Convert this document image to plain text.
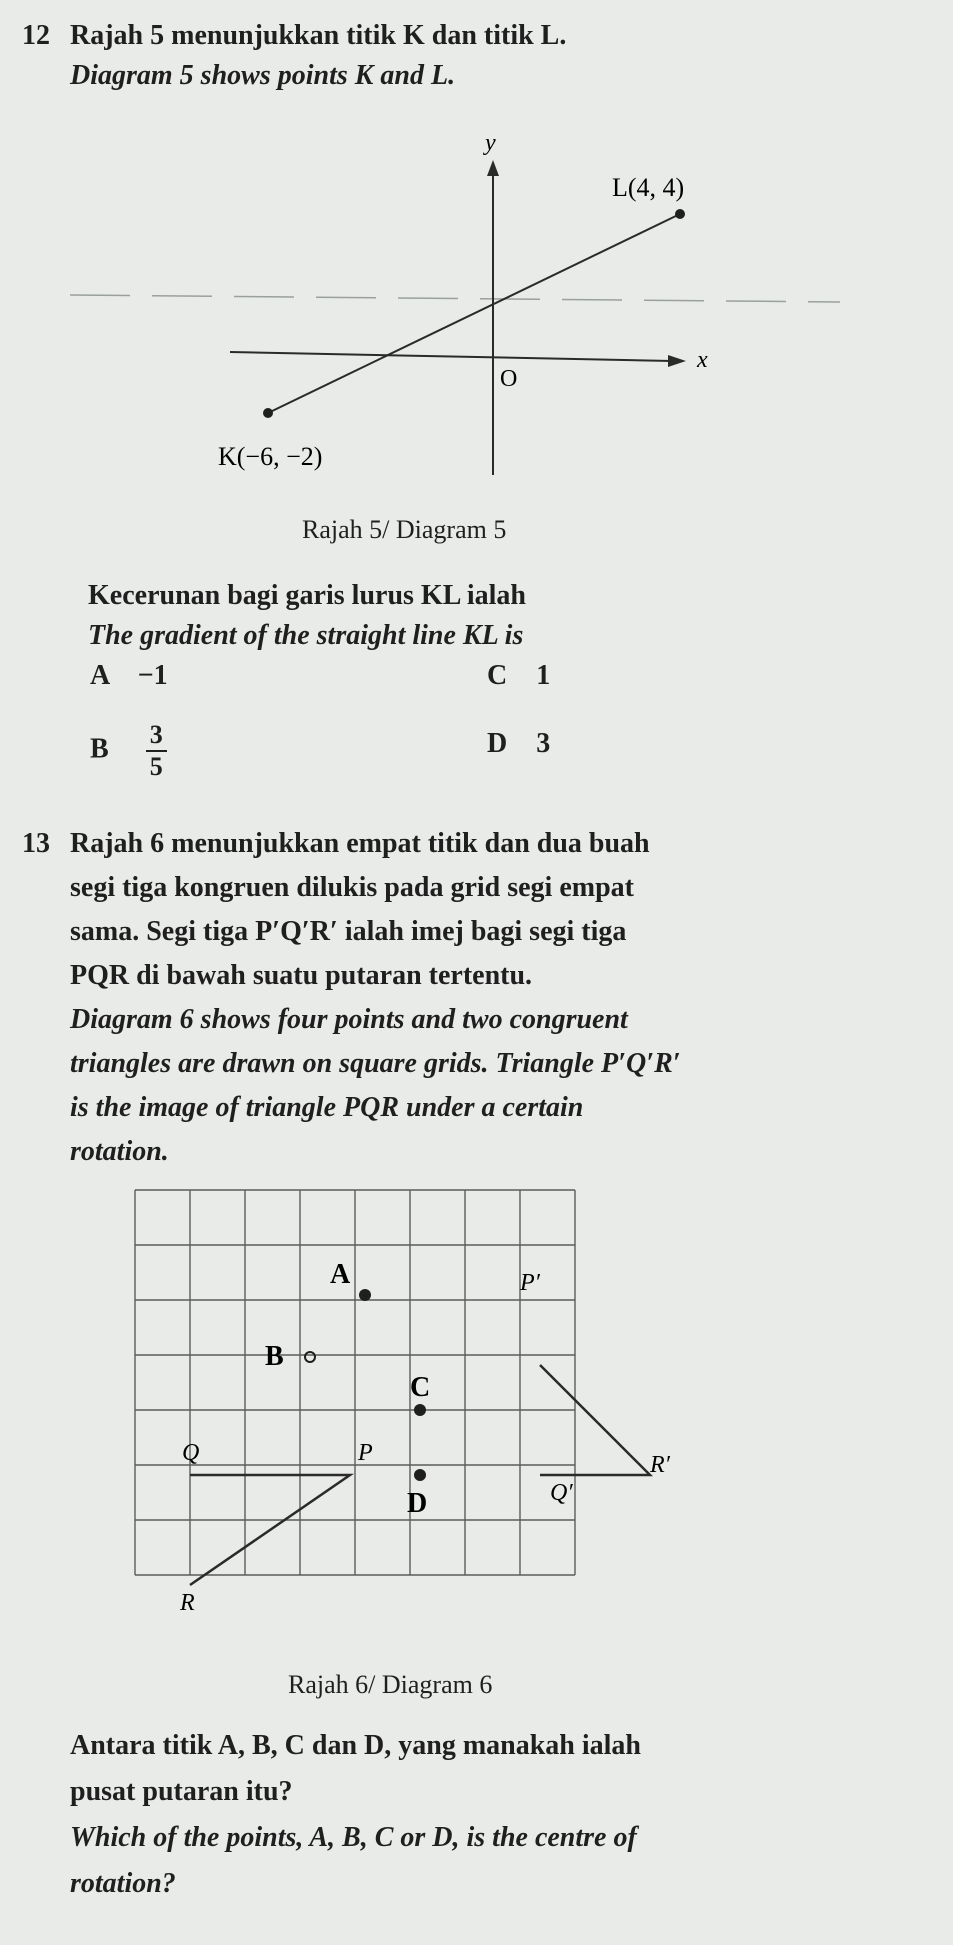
12 Rajah 5 menunjukkan titik K dan titik L.
Diagram 5 shows points K and L.
y
x
O
L(4, 4)
K(−6, −2)
Rajah 5/ Diagram 5
Kecerunan bagi garis lurus KL ialah
The gradient of the straight line KL is
A −1	C 1
B $\frac{3}{5}$	D 3
13 Rajah 6 menunjukkan empat titik dan dua buah
segi tiga kongruen dilukis pada grid segi empat
sama. Segi tiga P′Q′R′ ialah imej bagi segi tiga
PQR di bawah suatu putaran tertentu.
Diagram 6 shows four points and two congruent
triangles are drawn on square grids. Triangle P′Q′R′
is the image of triangle PQR under a certain
rotation.
A
B
C
D
Q	P
R
P′
Q′
R′
Rajah 6/ Diagram 6
Antara titik A, B, C dan D, yang manakah ialah
pusat putaran itu?
Which of the points, A, B, C or D, is the centre of
rotation?
